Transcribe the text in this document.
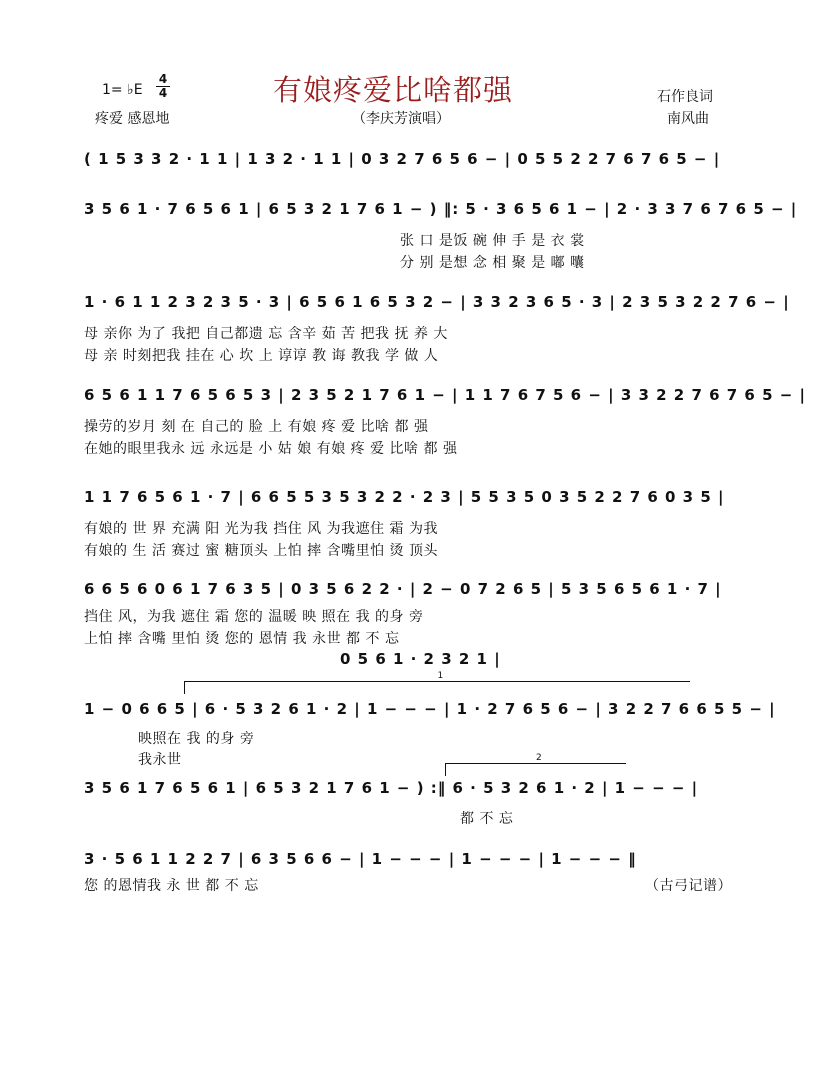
1= ♭E
4
4	有娘疼爱比啥都强	石作良词
疼爱 感恩地	（李庆芳演唱）	南风曲
( 1 5 3 3 2 · 1 1 | 1 3 2 · 1 1 | 0 3 2 7 6 5 6 − | 0 5 5 2 2 7 6 7 6 5 − |
3 5 6 1 · 7 6 5 6 1 | 6 5 3 2 1 7 6 1 − ) ‖: 5 · 3 6 5 6 1 − | 2 · 3 3 7 6 7 6 5 − |
张 口 是饭 碗 伸 手 是 衣 裳
分 别 是想 念 相 聚 是 嘟 囔
1 · 6 1 1 2 3 2 3 5 · 3 | 6 5 6 1 6 5 3 2 − | 3 3 2 3 6 5 · 3 | 2 3 5 3 2 2 7 6 − |
母 亲你 为了 我把 自己都遗 忘 含辛 茹 苦 把我 抚 养 大
母 亲 时刻把我 挂在 心 坎 上 谆谆 教 诲 教我 学 做 人
6 5 6 1 1 7 6 5 6 5 3 | 2 3 5 2 1 7 6 1 − | 1 1 7 6 7 5 6 − | 3 3 2 2 7 6 7 6 5 − |
操劳的岁月 刻 在 自己的 脸 上 有娘 疼 爱 比啥 都 强
在她的眼里我永 远 永远是 小 姑 娘 有娘 疼 爱 比啥 都 强
1 1 7 6 5 6 1 · 7 | 6 6 5 5 3 5 3 2 2 · 2 3 | 5 5 3 5 0 3 5 2 2 7 6 0 3 5 |
有娘的 世 界 充满 阳 光为我 挡住 风 为我遮住 霜 为我
有娘的 生 活 赛过 蜜 糖顶头 上怕 摔 含嘴里怕 烫 顶头
6 6 5 6 0 6 1 7 6 3 5 | 0 3 5 6 2 2 · | 2 − 0 7 2 6 5 | 5 3 5 6 5 6 1 · 7 |
挡住 风，为我 遮住 霜 您的 温暖 映 照在 我 的身 旁
上怕 摔 含嘴 里怕 烫 您的 恩情 我 永世 都 不 忘
0 5 6 1 · 2 3 2 1 |
1
1 − 0 6 6 5 | 6 · 5 3 2 6 1 · 2 | 1 − − − | 1 · 2 7 6 5 6 − | 3 2 2 7 6 6 5 5 − |
映照在 我 的身 旁
我永世	2
3 5 6 1 7 6 5 6 1 | 6 5 3 2 1 7 6 1 − ) :‖ 6 · 5 3 2 6 1 · 2 | 1 − − − |
都 不 忘
3 · 5 6 1 1 2 2 7 | 6 3 5 6 6 − | 1 − − − | 1 − − − | 1 − − − ‖
您 的恩情我 永 世 都 不 忘	（古弓记谱）
